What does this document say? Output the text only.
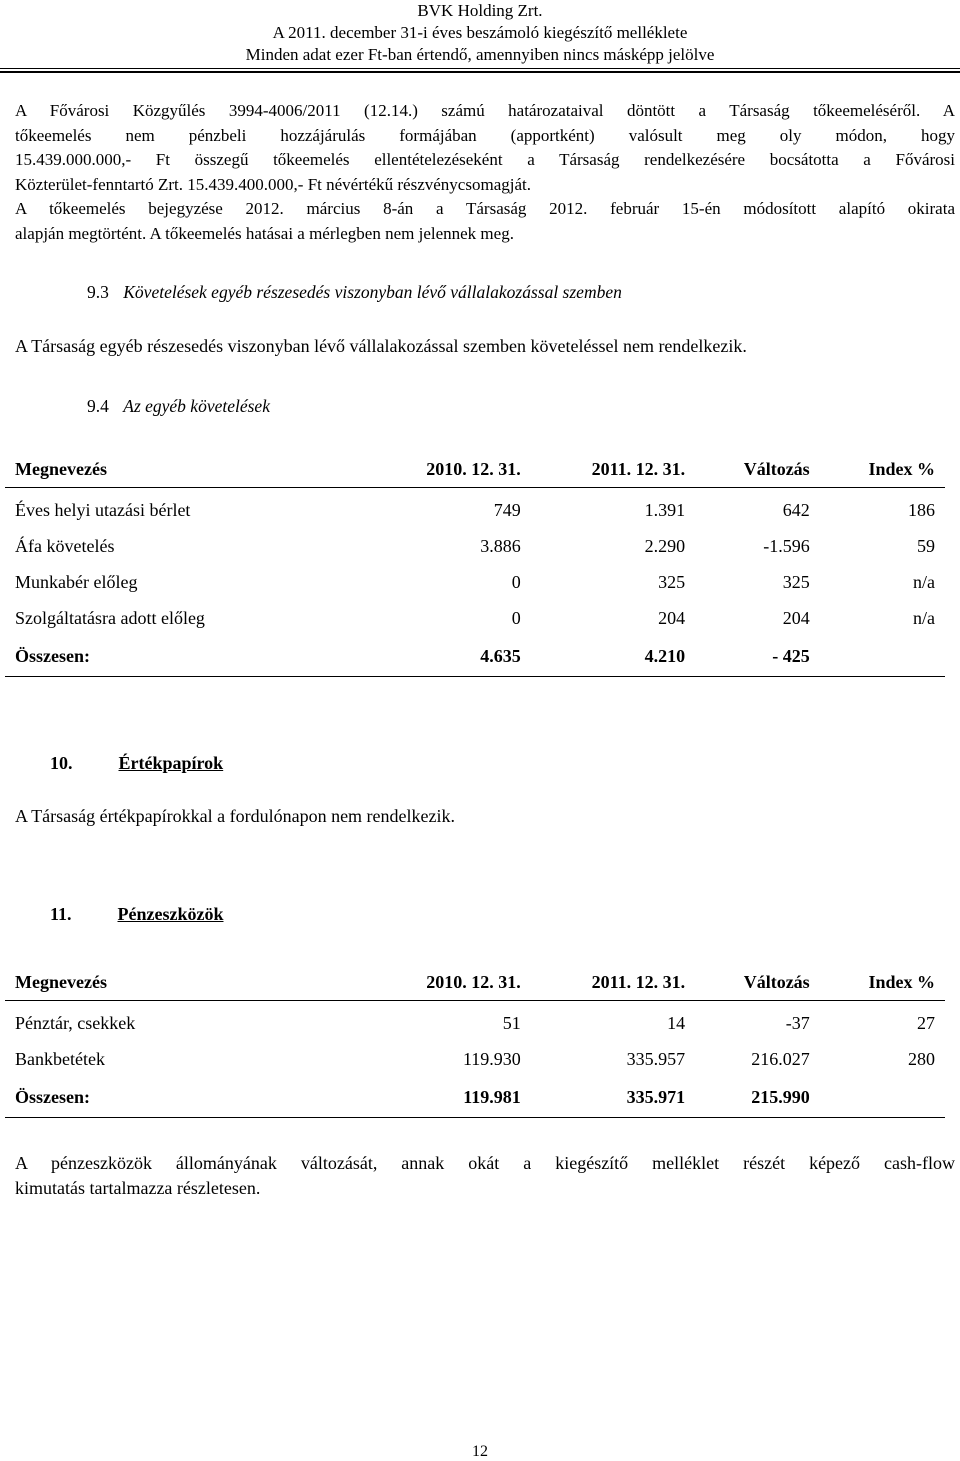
BVK Holding Zrt.
A 2011. december 31-i éves beszámoló kiegészítő melléklete
Minden adat ezer Ft-ban értendő, amennyiben nincs másképp jelölve
A Fővárosi Közgyűlés 3994-4006/2011 (12.14.) számú határozataival döntött a Társaság tőkeemeléséről. A
tőkeemelés nem pénzbeli hozzájárulás formájában (apportként) valósult meg oly módon, hogy
15.439.000.000,- Ft összegű tőkeemelés ellentételezéseként a Társaság rendelkezésére bocsátotta a Fővárosi
Közterület-fenntartó Zrt. 15.439.400.000,- Ft névértékű részvénycsomagját.
A tőkeemelés bejegyzése 2012. március 8-án a Társaság 2012. február 15-én módosított alapító okirata
alapján megtörtént. A tőkeemelés hatásai a mérlegben nem jelennek meg.
9.3 Követelések egyéb részesedés viszonyban lévő vállalakozással szemben
A Társaság egyéb részesedés viszonyban lévő vállalakozással szemben követeléssel nem rendelkezik.
9.4 Az egyéb követelések
Megnevezés	2010. 12. 31.	2011. 12. 31.	Változás	Index %
Éves helyi utazási bérlet	749	1.391	642	186
Áfa követelés	3.886	2.290	-1.596	59
Munkabér előleg	0	325	325	n/a
Szolgáltatásra adott előleg	0	204	204	n/a
Összesen:	4.635	4.210	- 425	
10.	Értékpapírok
A Társaság értékpapírokkal a fordulónapon nem rendelkezik.
11.	Pénzeszközök
Megnevezés	2010. 12. 31.	2011. 12. 31.	Változás	Index %
Pénztár, csekkek	51	14	-37	27
Bankbetétek	119.930	335.957	216.027	280
Összesen:	119.981	335.971	215.990	
A pénzeszközök állományának változását, annak okát a kiegészítő melléklet részét képező cash-flow
kimutatás tartalmazza részletesen.
12
